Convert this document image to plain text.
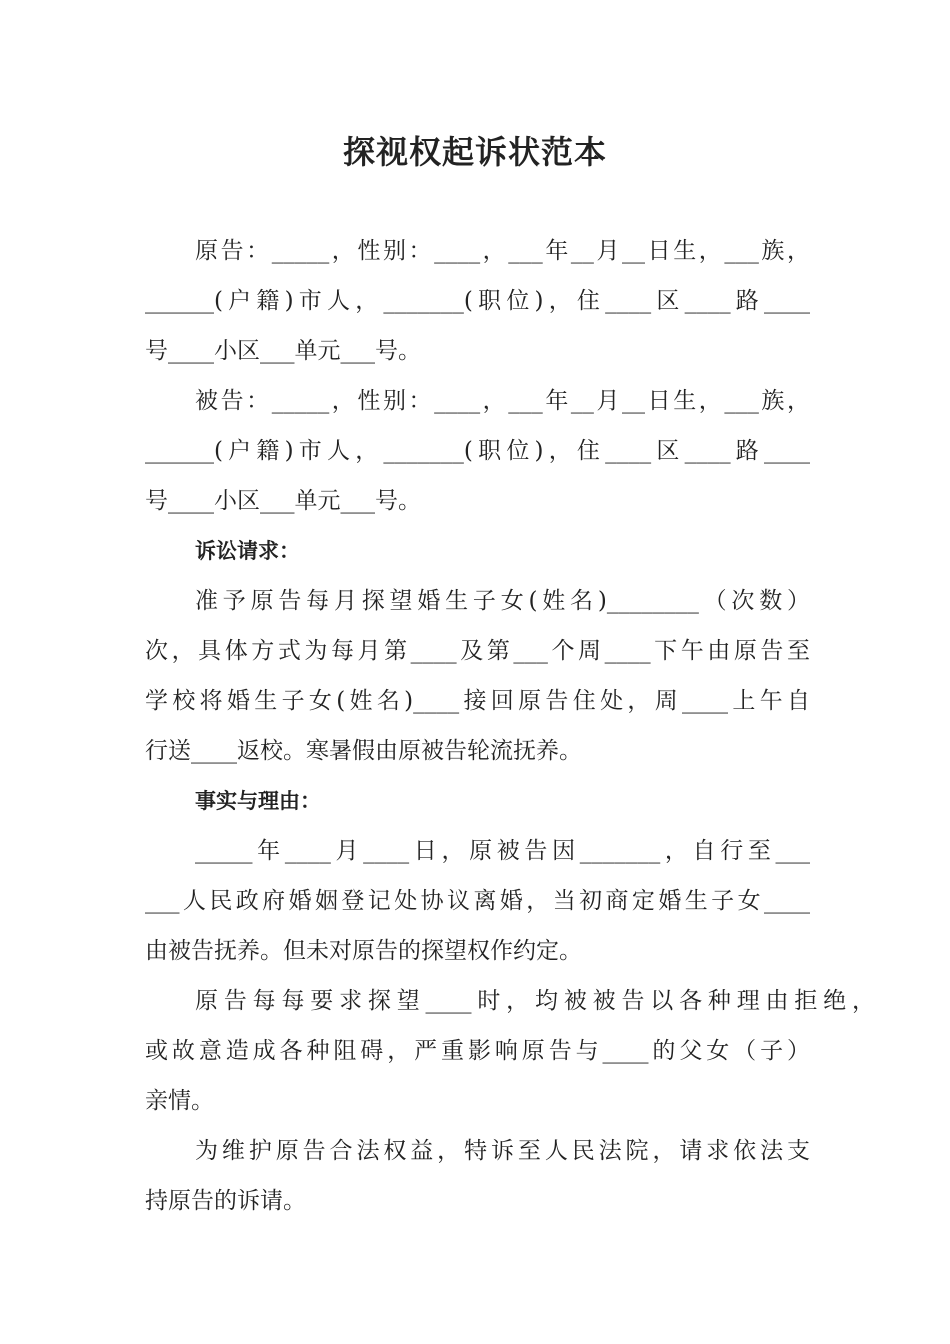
探视权起诉状范本
原告：_____，性别：____，___年__月__日生，___族，
______(户籍)市人，_______(职位)，住____区____路____
号____小区___单元___号。
被告：_____，性别：____，___年__月__日生，___族，
______(户籍)市人，_______(职位)，住____区____路____
号____小区___单元___号。
诉讼请求：
准予原告每月探望婚生子女(姓名)________（次数）
次，具体方式为每月第____及第___个周____下午由原告至
学校将婚生子女(姓名)____接回原告住处，周____上午自
行送____返校。寒暑假由原被告轮流抚养。
事实与理由：
_____年____月____日，原被告因_______，自行至___
___人民政府婚姻登记处协议离婚，当初商定婚生子女____
由被告抚养。但未对原告的探望权作约定。
原告每每要求探望____时，均被被告以各种理由拒绝，
或故意造成各种阻碍，严重影响原告与____的父女（子）
亲情。
为维护原告合法权益，特诉至人民法院，请求依法支
持原告的诉请。
